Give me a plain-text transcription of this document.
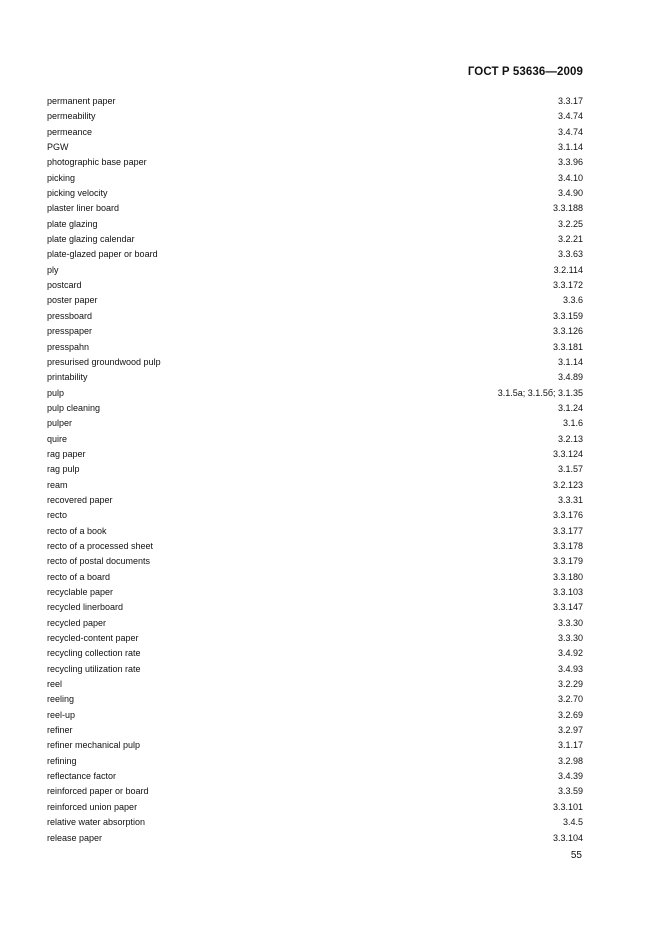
ГОСТ Р 53636—2009
permanent paper	3.3.17
permeability	3.4.74
permeance	3.4.74
PGW	3.1.14
photographic base paper	3.3.96
picking	3.4.10
picking velocity	3.4.90
plaster liner board	3.3.188
plate glazing	3.2.25
plate glazing calendar	3.2.21
plate-glazed paper or board	3.3.63
ply	3.2.114
postcard	3.3.172
poster paper	3.3.6
pressboard	3.3.159
presspaper	3.3.126
presspahn	3.3.181
presurised groundwood pulp	3.1.14
printability	3.4.89
pulp	3.1.5а; 3.1.5б; 3.1.35
pulp cleaning	3.1.24
pulper	3.1.6
quire	3.2.13
rag paper	3.3.124
rag pulp	3.1.57
ream	3.2.123
recovered paper	3.3.31
recto	3.3.176
recto of a book	3.3.177
recto of a processed sheet	3.3.178
recto of postal documents	3.3.179
recto of a board	3.3.180
recyclable paper	3.3.103
recycled linerboard	3.3.147
recycled paper	3.3.30
recycled-content paper	3.3.30
recycling collection rate	3.4.92
recycling utilization rate	3.4.93
reel	3.2.29
reeling	3.2.70
reel-up	3.2.69
refiner	3.2.97
refiner mechanical pulp	3.1.17
refining	3.2.98
reflectance factor	3.4.39
reinforced paper or board	3.3.59
reinforced union paper	3.3.101
relative water absorption	3.4.5
release paper	3.3.104
55
